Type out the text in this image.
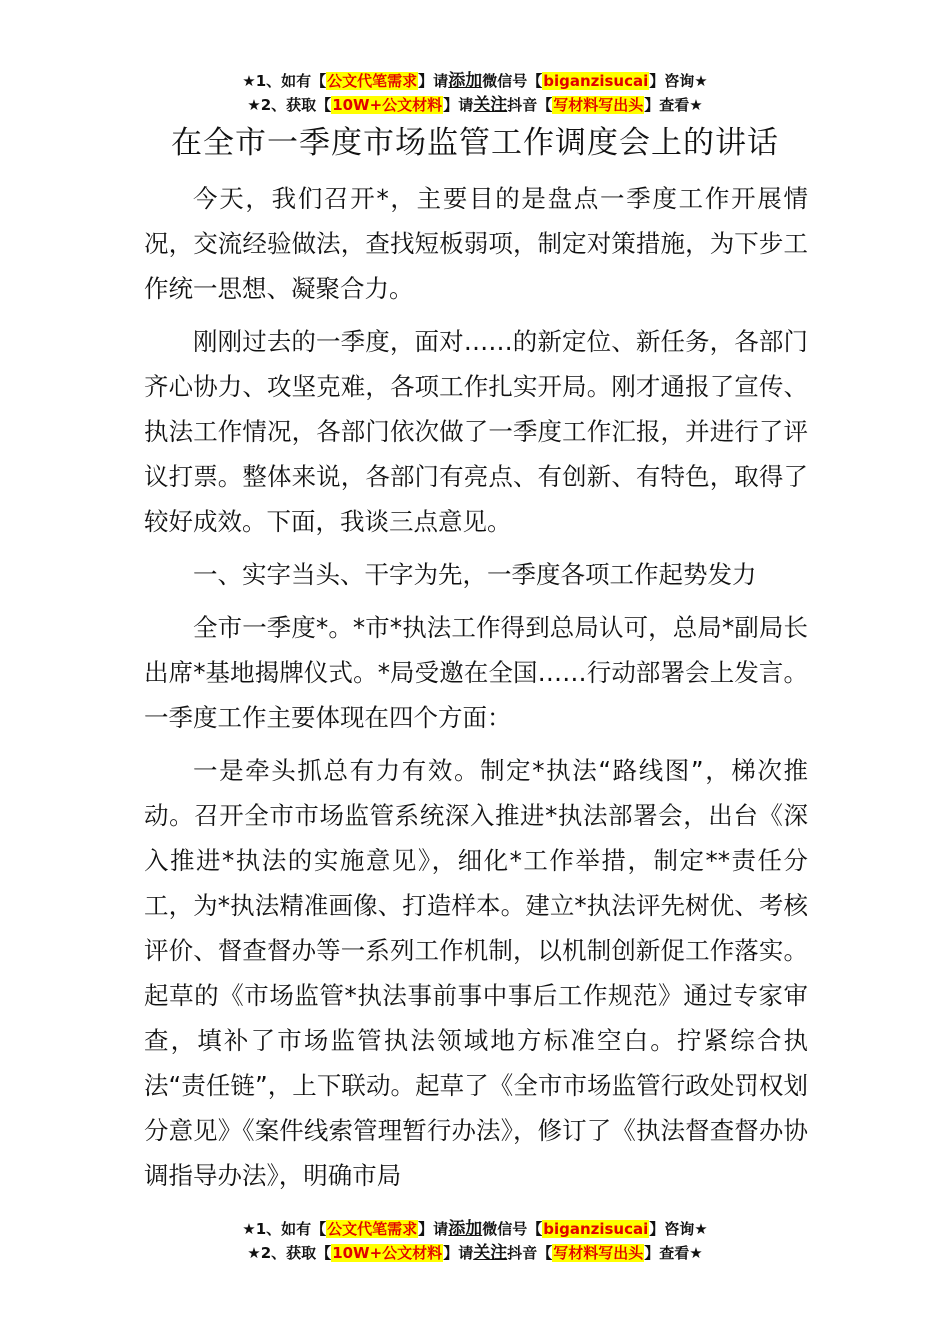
★1、如有【公文代笔需求】请添加微信号【biganzisucai】咨询★
★2、获取【10W+公文材料】请关注抖音【写材料写出头】查看★
在全市一季度市场监管工作调度会上的讲话

今天，我们召开*，主要目的是盘点一季度工作开展情况，交流经验做法，查找短板弱项，制定对策措施，为下步工作统一思想、凝聚合力。

刚刚过去的一季度，面对……的新定位、新任务，各部门齐心协力、攻坚克难，各项工作扎实开局。刚才通报了宣传、执法工作情况，各部门依次做了一季度工作汇报，并进行了评议打票。整体来说，各部门有亮点、有创新、有特色，取得了较好成效。下面，我谈三点意见。

一、实字当头、干字为先，一季度各项工作起势发力

全市一季度*。*市*执法工作得到总局认可，总局*副局长出席*基地揭牌仪式。*局受邀在全国……行动部署会上发言。一季度工作主要体现在四个方面：

一是牵头抓总有力有效。制定*执法“路线图”，梯次推动。召开全市市场监管系统深入推进*执法部署会，出台《深入推进*执法的实施意见》，细化*工作举措，制定**责任分工，为*执法精准画像、打造样本。建立*执法评先树优、考核评价、督查督办等一系列工作机制，以机制创新促工作落实。起草的《市场监管*执法事前事中事后工作规范》通过专家审查，填补了市场监管执法领域地方标准空白。拧紧综合执法“责任链”，上下联动。起草了《全市市场监管行政处罚权划分意见》《案件线索管理暂行办法》，修订了《执法督查督办协调指导办法》，明确市局

★1、如有【公文代笔需求】请添加微信号【biganzisucai】咨询★
★2、获取【10W+公文材料】请关注抖音【写材料写出头】查看★
